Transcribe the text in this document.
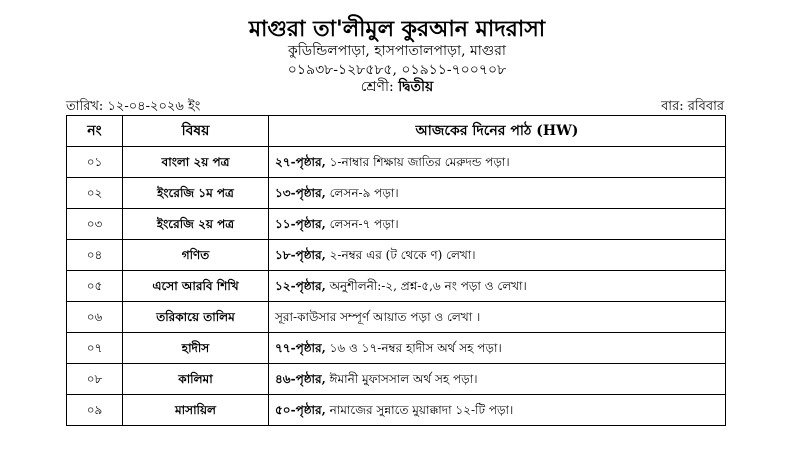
মাগুরা তা'লীমুল কুরআন মাদরাসা
কুডিন্ডিলপাড়া, হাসপাতালপাড়া, মাগুরা
০১৯৩৮-১২৮৫৮৫, ০১৯১১-৭০০৭০৮
শ্রেণী: দ্বিতীয়
তারিখ: ১২-০৪-২০২৬ ইং	বার: রবিবার
নং	বিষয়	আজকের দিনের পাঠ (HW)
০১	বাংলা ২য় পত্র	২৭-পৃষ্ঠার, ১-নাম্বার শিক্ষায় জাতির মেরুদন্ড পড়া।
০২	ইংরেজি ১ম পত্র	১৩-পৃষ্ঠার, লেসন-৯ পড়া।
০৩	ইংরেজি ২য় পত্র	১১-পৃষ্ঠার, লেসন-৭ পড়া।
০৪	গণিত	১৮-পৃষ্ঠার, ২-নম্বর এর (ট থেকে ণ) লেখা।
০৫	এসো আরবি শিখি	১২-পৃষ্ঠার, অনুশীলনী:-২, প্রশ্ন-৫,৬ নং পড়া ও লেখা।
০৬	তরিকায়ে তালিম	সূরা-কাউসার সম্পূর্ণ আয়াত পড়া ও লেখা ।
০৭	হাদীস	৭৭-পৃষ্ঠার, ১৬ ও ১৭-নম্বর হাদীস অর্থ সহ পড়া।
০৮	কালিমা	৪৬-পৃষ্ঠার, ঈমানী মুফাসসাল অর্থ সহ পড়া।
০৯	মাসায়িল	৫০-পৃষ্ঠার, নামাজের সুন্নাতে মুয়াক্কাদা ১২-টি পড়া।
